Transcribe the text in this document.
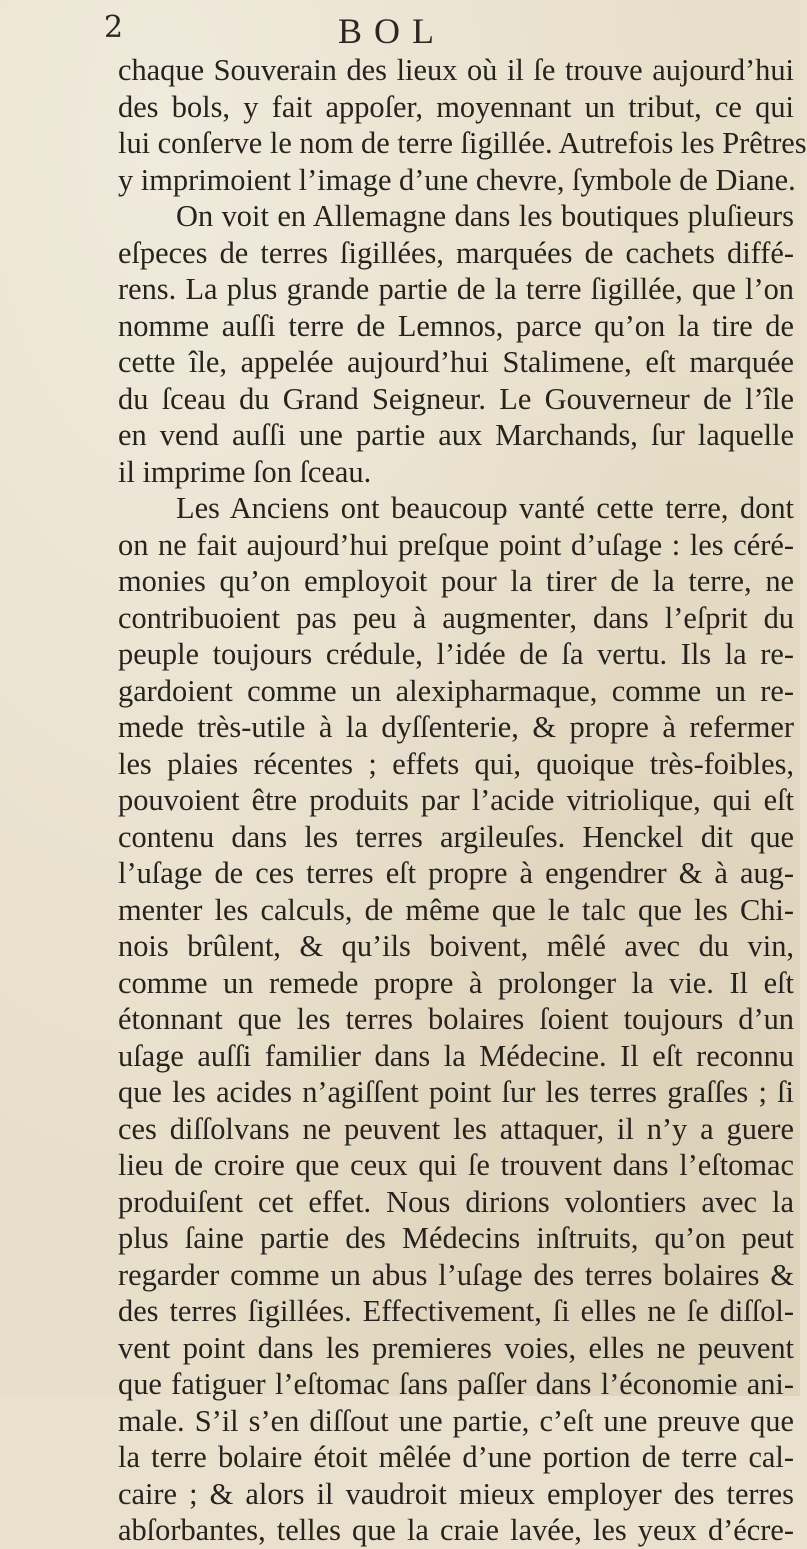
2	BOL
chaque Souverain des lieux où il ſe trouve aujourd’hui
des bols, y fait appoſer, moyennant un tribut, ce qui
lui conſerve le nom de terre ſigillée. Autrefois les Prêtres
y imprimoient l’image d’une chevre, ſymbole de Diane.
On voit en Allemagne dans les boutiques pluſieurs
eſpeces de terres ſigillées, marquées de cachets diffé-
rens. La plus grande partie de la terre ſigillée, que l’on
nomme auſſi terre de Lemnos, parce qu’on la tire de
cette île, appelée aujourd’hui Stalimene, eſt marquée
du ſceau du Grand Seigneur. Le Gouverneur de l’île
en vend auſſi une partie aux Marchands, ſur laquelle
il imprime ſon ſceau.
Les Anciens ont beaucoup vanté cette terre, dont
on ne fait aujourd’hui preſque point d’uſage : les céré-
monies qu’on employoit pour la tirer de la terre, ne
contribuoient pas peu à augmenter, dans l’eſprit du
peuple toujours crédule, l’idée de ſa vertu. Ils la re-
gardoient comme un alexipharmaque, comme un re-
mede très-utile à la dyſſenterie, & propre à refermer
les plaies récentes ; effets qui, quoique très-foibles,
pouvoient être produits par l’acide vitriolique, qui eſt
contenu dans les terres argileuſes. Henckel dit que
l’uſage de ces terres eſt propre à engendrer & à aug-
menter les calculs, de même que le talc que les Chi-
nois brûlent, & qu’ils boivent, mêlé avec du vin,
comme un remede propre à prolonger la vie. Il eſt
étonnant que les terres bolaires ſoient toujours d’un
uſage auſſi familier dans la Médecine. Il eſt reconnu
que les acides n’agiſſent point ſur les terres graſſes ; ſi
ces diſſolvans ne peuvent les attaquer, il n’y a guere
lieu de croire que ceux qui ſe trouvent dans l’eſtomac
produiſent cet effet. Nous dirions volontiers avec la
plus ſaine partie des Médecins inſtruits, qu’on peut
regarder comme un abus l’uſage des terres bolaires &
des terres ſigillées. Effectivement, ſi elles ne ſe diſſol-
vent point dans les premieres voies, elles ne peuvent
que fatiguer l’eſtomac ſans paſſer dans l’économie ani-
male. S’il s’en diſſout une partie, c’eſt une preuve que
la terre bolaire étoit mêlée d’une portion de terre cal-
caire ; & alors il vaudroit mieux employer des terres
abſorbantes, telles que la craie lavée, les yeux d’écre-
